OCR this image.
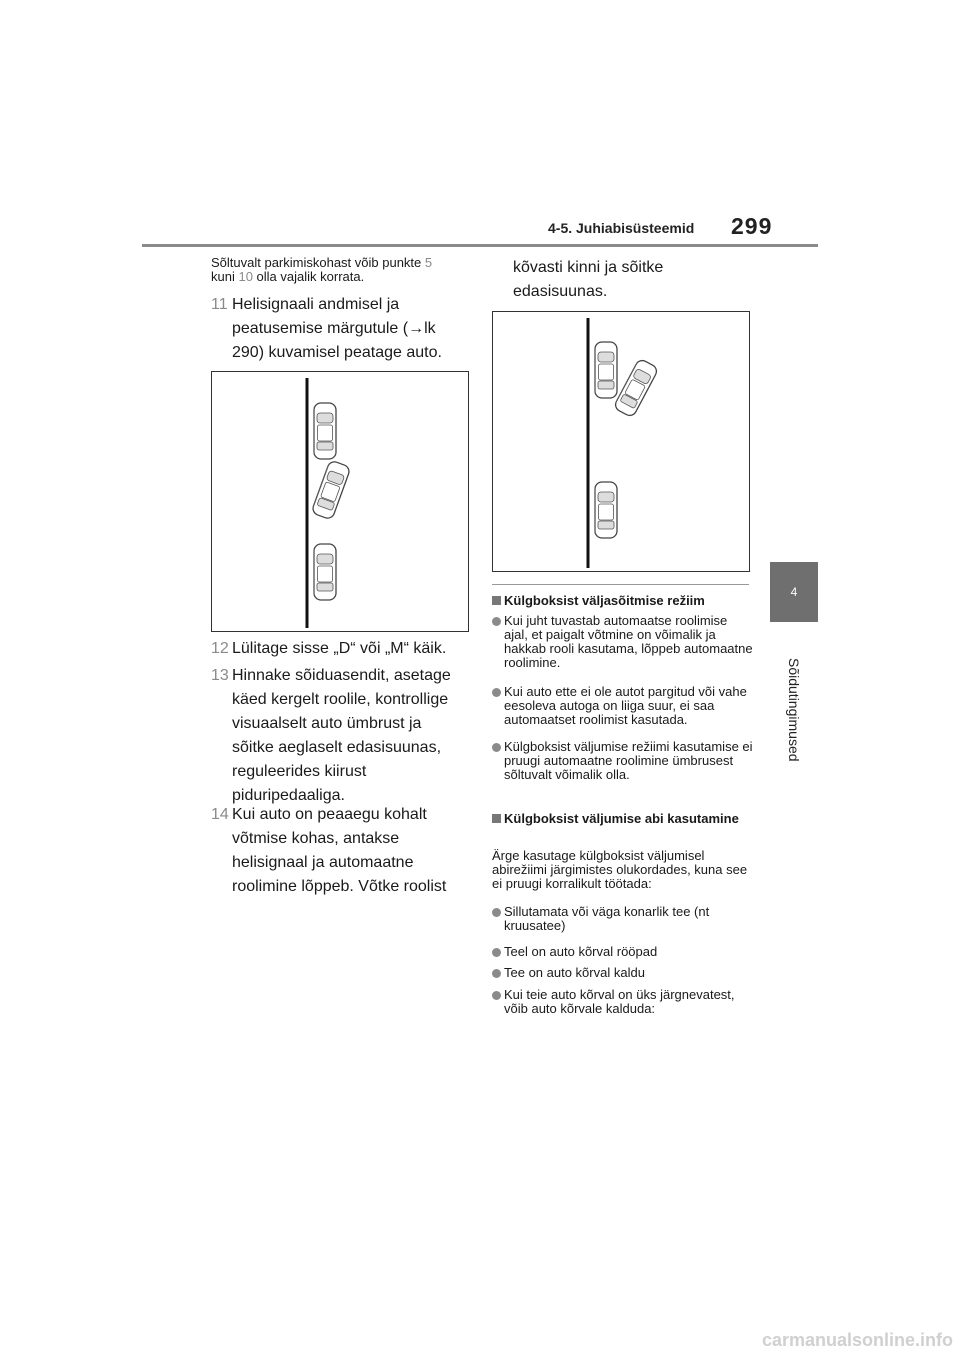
4-5. Juhiabisüsteemid 299
4
Sõidutingimused
Sõltuvalt parkimiskohast võib punkte 5
kuni 10 olla vajalik korrata.
11 Helisignaali andmisel ja peatusemise märgutule (→lk 290) kuvamisel peatage auto.
12 Lülitage sisse „D“ või „M“ käik.
13 Hinnake sõiduasendit, asetage käed kergelt roolile, kontrollige visuaalselt auto ümbrust ja sõitke aeglaselt edasisuunas, reguleerides kiirust piduripedaaliga.
14 Kui auto on peaaegu kohalt võtmise kohas, antakse helisignaal ja automaatne roolimine lõppeb. Võtke roolist
kõvasti kinni ja sõitke edasisuunas.
Külgboksist väljasõitmise režiim
Kui juht tuvastab automaatse roolimise ajal, et paigalt võtmine on võimalik ja hakkab rooli kasutama, lõppeb automaatne roolimine.
Kui auto ette ei ole autot pargitud või vahe eesoleva autoga on liiga suur, ei saa automaatset roolimist kasutada.
Külgboksist väljumise režiimi kasutamise ei pruugi automaatne roolimine ümbrusest sõltuvalt võimalik olla.
Külgboksist väljumise abi kasutamine
Ärge kasutage külgboksist väljumisel abirežiimi järgimistes olukordades, kuna see ei pruugi korralikult töötada:
Sillutamata või väga konarlik tee (nt kruusatee)
Teel on auto kõrval rööpad
Tee on auto kõrval kaldu
Kui teie auto kõrval on üks järgnevatest, võib auto kõrvale kalduda:
carmanualsonline.info
